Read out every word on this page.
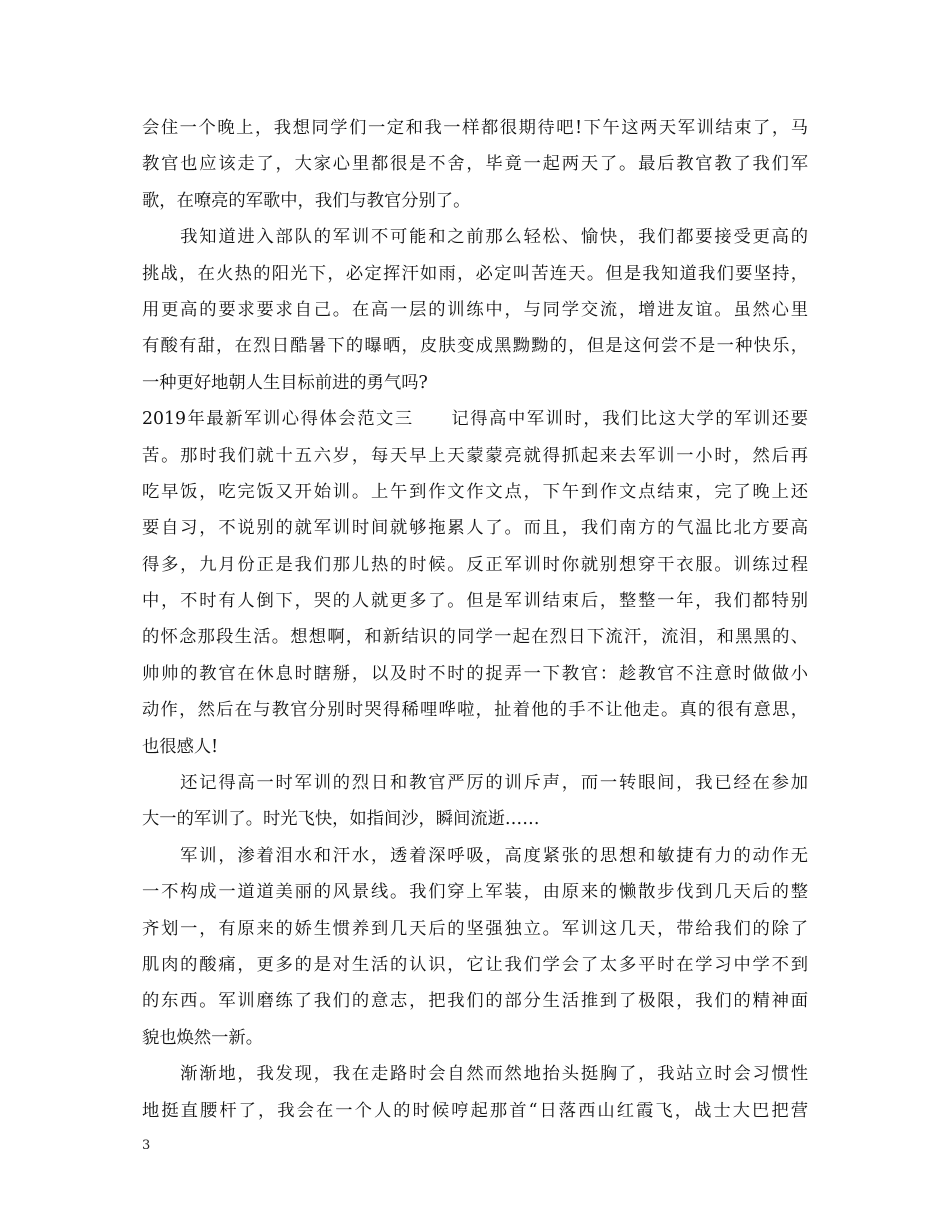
会住一个晚上，我想同学们一定和我一样都很期待吧!下午这两天军训结束了，马
教官也应该走了，大家心里都很是不舍，毕竟一起两天了。最后教官教了我们军
歌，在嘹亮的军歌中，我们与教官分别了。
　　我知道进入部队的军训不可能和之前那么轻松、愉快，我们都要接受更高的
挑战，在火热的阳光下，必定挥汗如雨，必定叫苦连天。但是我知道我们要坚持，
用更高的要求要求自己。在高一层的训练中，与同学交流，增进友谊。虽然心里
有酸有甜，在烈日酷暑下的曝晒，皮肤变成黑黝黝的，但是这何尝不是一种快乐，
一种更好地朝人生目标前进的勇气吗?
2019年最新军训心得体会范文三　　记得高中军训时，我们比这大学的军训还要
苦。那时我们就十五六岁，每天早上天蒙蒙亮就得抓起来去军训一小时，然后再
吃早饭，吃完饭又开始训。上午到作文作文点，下午到作文点结束，完了晚上还
要自习，不说别的就军训时间就够拖累人了。而且，我们南方的气温比北方要高
得多，九月份正是我们那儿热的时候。反正军训时你就别想穿干衣服。训练过程
中，不时有人倒下，哭的人就更多了。但是军训结束后，整整一年，我们都特别
的怀念那段生活。想想啊，和新结识的同学一起在烈日下流汗，流泪，和黑黑的、
帅帅的教官在休息时瞎掰，以及时不时的捉弄一下教官：趁教官不注意时做做小
动作，然后在与教官分别时哭得稀哩哗啦，扯着他的手不让他走。真的很有意思，
也很感人!
　　还记得高一时军训的烈日和教官严厉的训斥声，而一转眼间，我已经在参加
大一的军训了。时光飞快，如指间沙，瞬间流逝……
　　军训，渗着泪水和汗水，透着深呼吸，高度紧张的思想和敏捷有力的动作无
一不构成一道道美丽的风景线。我们穿上军装，由原来的懒散步伐到几天后的整
齐划一，有原来的娇生惯养到几天后的坚强独立。军训这几天，带给我们的除了
肌肉的酸痛，更多的是对生活的认识，它让我们学会了太多平时在学习中学不到
的东西。军训磨练了我们的意志，把我们的部分生活推到了极限，我们的精神面
貌也焕然一新。
　　渐渐地，我发现，我在走路时会自然而然地抬头挺胸了，我站立时会习惯性
地挺直腰杆了，我会在一个人的时候哼起那首“日落西山红霞飞，战士大巴把营
3
